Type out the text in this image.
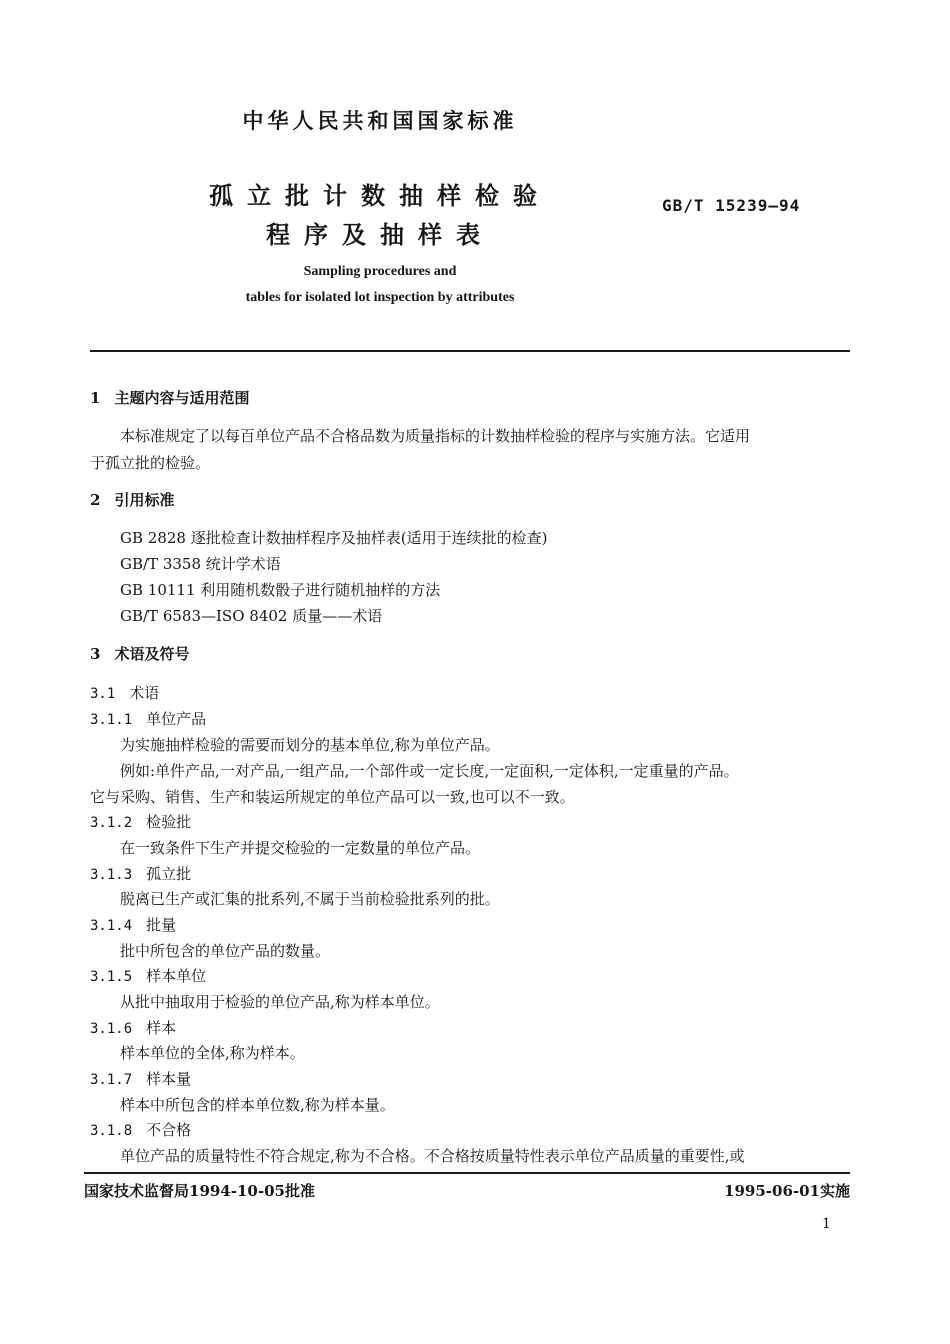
中华人民共和国国家标准
孤立批计数抽样检验
程序及抽样表
GB/T 15239—94
Sampling procedures and
tables for isolated lot inspection by attributes
1 主题内容与适用范围
本标准规定了以每百单位产品不合格品数为质量指标的计数抽样检验的程序与实施方法。它适用
于孤立批的检验。
2 引用标准
GB 2828 逐批检查计数抽样程序及抽样表(适用于连续批的检查)
GB/T 3358 统计学术语
GB 10111 利用随机数骰子进行随机抽样的方法
GB/T 6583—ISO 8402 质量——术语
3 术语及符号
3.1 术语
3.1.1 单位产品
为实施抽样检验的需要而划分的基本单位,称为单位产品。
例如:单件产品,一对产品,一组产品,一个部件或一定长度,一定面积,一定体积,一定重量的产品。
它与采购、销售、生产和装运所规定的单位产品可以一致,也可以不一致。
3.1.2 检验批
在一致条件下生产并提交检验的一定数量的单位产品。
3.1.3 孤立批
脱离已生产或汇集的批系列,不属于当前检验批系列的批。
3.1.4 批量
批中所包含的单位产品的数量。
3.1.5 样本单位
从批中抽取用于检验的单位产品,称为样本单位。
3.1.6 样本
样本单位的全体,称为样本。
3.1.7 样本量
样本中所包含的样本单位数,称为样本量。
3.1.8 不合格
单位产品的质量特性不符合规定,称为不合格。不合格按质量特性表示单位产品质量的重要性,或
国家技术监督局1994-10-05批准	1995-06-01实施
1
